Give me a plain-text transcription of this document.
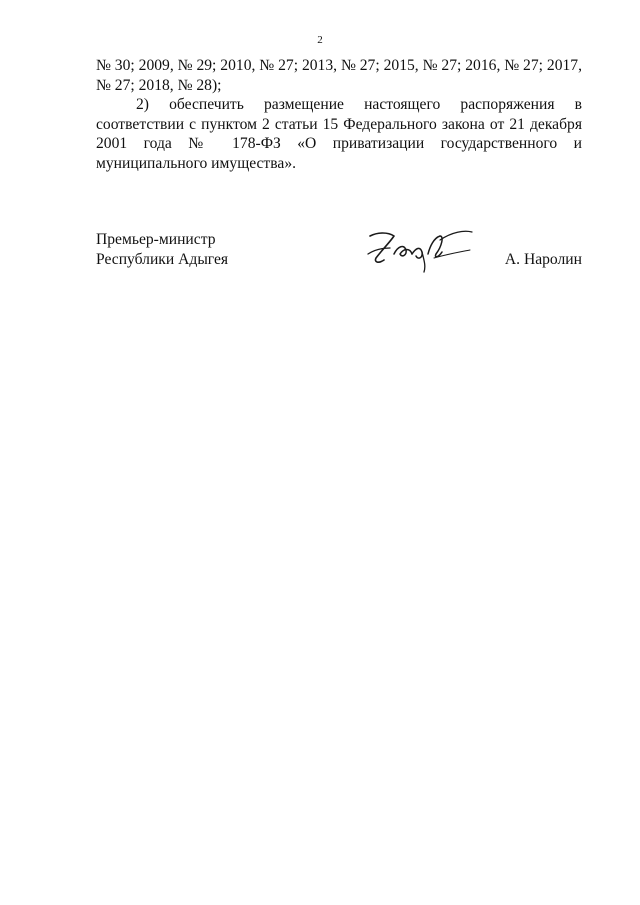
2

№ 30; 2009, № 29; 2010, № 27; 2013, № 27; 2015, № 27; 2016, № 27; 2017, № 27; 2018, № 28);

2) обеспечить размещение настоящего распоряжения в соответствии с пунктом 2 статьи 15 Федерального закона от 21 декабря 2001 года № 178-ФЗ «О приватизации государственного и муниципального имущества».

Премьер-министр
Республики Адыгея	А. Наролин
